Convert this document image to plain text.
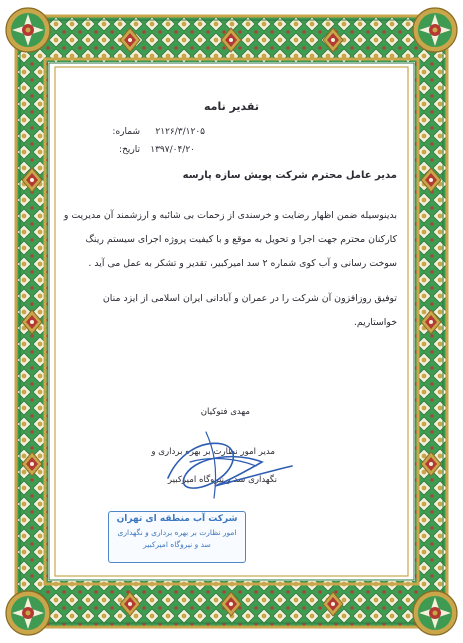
تقدیر نامه
شماره: ۲۱۲۶/۳/۱۲۰۵
تاریخ: ۱۳۹۷/۰۴/۲۰
مدیر عامل محترم شرکت پویش سازه پارسه
بدینوسیله ضمن اظهار رضایت و خرسندی از زحمات بی شائبه و ارزشمند آن مدیریت و
کارکنان محترم جهت اجرا و تحویل به موقع و با کیفیت پروژه اجرای سیستم رینگ
سوخت رسانی و آب کوی شماره ۲ سد امیرکبیر، تقدیر و تشکر به عمل می آید .
توفیق روزافزون آن شرکت را در عمران و آبادانی ایران اسلامی از ایزد منان
خواستاریم.
مهدی فتوکیان
مدیر امور نظارت بر بهره برداری و
نگهداری سد و نیروگاه امیرکبیر
شرکت آب منطقه ای تهران
امور نظارت بر بهره برداری و نگهداری
سد و نیروگاه امیرکبیر
